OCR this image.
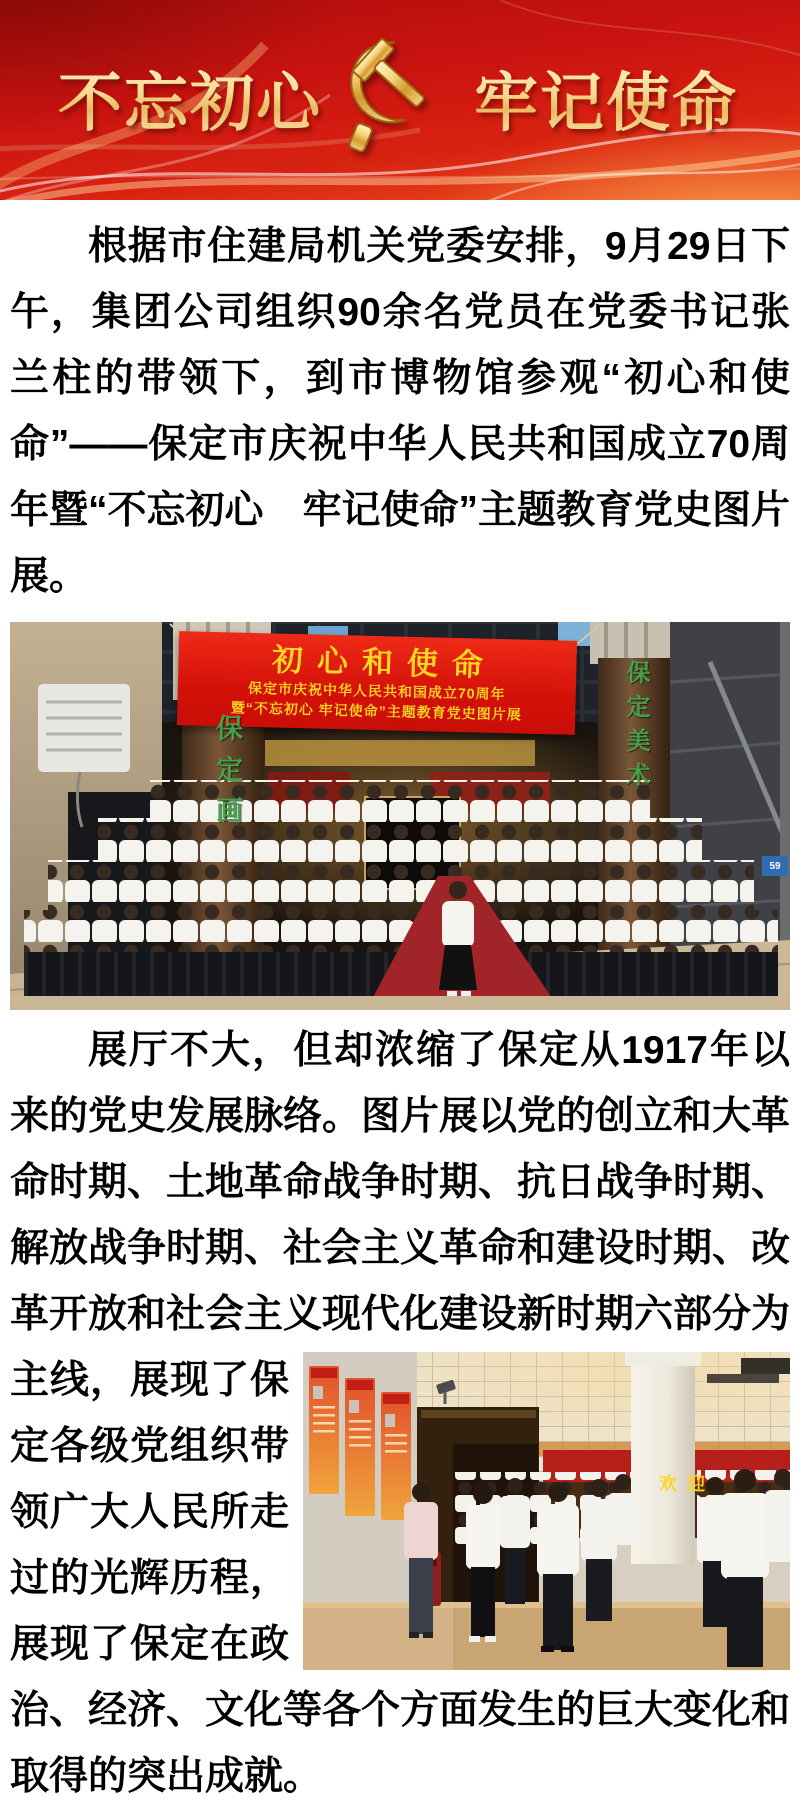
不忘初心 牢记使命

根据市住建局机关党委安排，9月29日下午，集团公司组织90余名党员在党委书记张兰柱的带领下，到市博物馆参观“初心和使命”——保定市庆祝中华人民共和国成立70周年暨“不忘初心　牢记使命”主题教育党史图片展。

初心和使命
保定市庆祝中华人民共和国成立70周年
暨“不忘初心 牢记使命”主题教育党史图片展
保定画	保定美术
59

展厅不大，但却浓缩了保定从1917年以来的党史发展脉络。图片展以党的创立和大革命时期、土地革命战争时期、抗日战争时期、解放战争时期、社会主义革命和建设时期、改革开放和社会主义现代化建设新时期六部分为主
欢迎
线，展现了保定各级党组织带领广大人民所走过的光辉历程，展现了保定在政治、经济、文化等各个方面发生的巨大变化和取得的突出成就。
